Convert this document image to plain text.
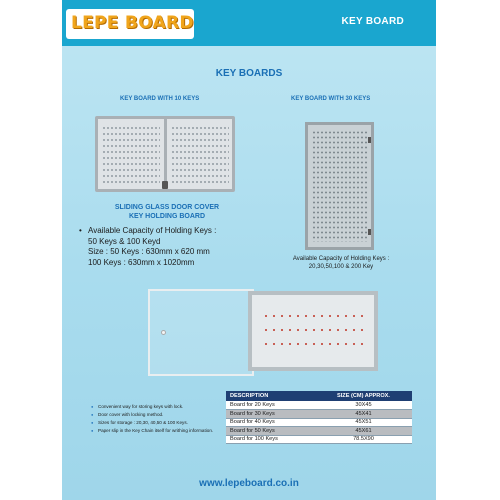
LEPE BOARD	KEY BOARD
KEY BOARDS
KEY BOARD WITH 10 KEYS	KEY BOARD WITH 30 KEYS
SLIDING GLASS DOOR COVER
KEY HOLDING BOARD
• Available Capacity of Holding Keys :
50 Keys & 100 Keyd
Size : 50 Keys : 630mm x 620 mm
100 Keys : 630mm x 1020mm	Available Capacity of Holding Keys :
20,30,50,100 & 200 Key
● Convenient way for storing keys with lock.
● Door cover with locking method.
● Sizes for storage : 20,30, 40,50 & 100 Keys.
● Paper slip in the Key Chain itself for writhing information.
DESCRIPTION	SIZE (CM) APPROX.
Board for 20 Keys	30X45
Board for 30 Keys	45X41
Board for 40 Keys	45X51
Board for 50 Keys	45X61
Board for 100 Keys	78.5X90
www.lepeboard.co.in
